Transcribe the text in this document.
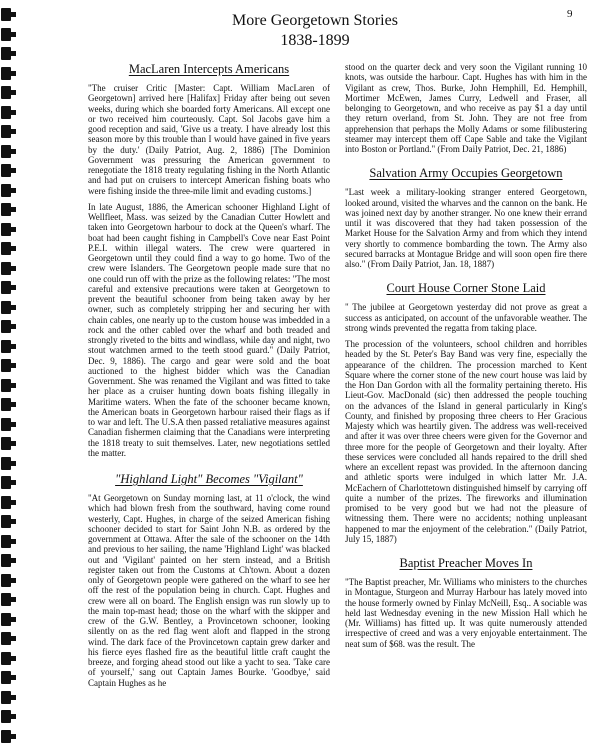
9
More Georgetown Stories
1838-1899
MacLaren Intercepts Americans

"The cruiser Critic [Master: Capt. William MacLaren of Georgetown] arrived here [Halifax] Friday after being out seven weeks, during which she boarded forty Americans. All except one or two received him courteously. Capt. Sol Jacobs gave him a good reception and said, 'Give us a treaty. I have already lost this season more by this trouble than I would have gained in five years by the duty.' (Daily Patriot, Aug. 2, 1886) [The Dominion Government was pressuring the American government to renegotiate the 1818 treaty regulating fishing in the North Atlantic and had put on cruisers to intercept American fishing boats who were fishing inside the three-mile limit and evading customs.]

In late August, 1886, the American schooner Highland Light of Wellfleet, Mass. was seized by the Canadian Cutter Howlett and taken into Georgetown harbour to dock at the Queen's wharf. The boat had been caught fishing in Campbell's Cove near East Point P.E.I. within illegal waters. The crew were quartered in Georgetown until they could find a way to go home. Two of the crew were Islanders. The Georgetown people made sure that no one could run off with the prize as the following relates: "The most careful and extensive precautions were taken at Georgetown to prevent the beautiful schooner from being taken away by her owner, such as completely stripping her and securing her with chain cables, one nearly up to the custom house was imbedded in a rock and the other cabled over the wharf and both treaded and strongly riveted to the bitts and windlass, while day and night, two stout watchmen armed to the teeth stood guard." (Daily Patriot, Dec. 9, 1886). The cargo and gear were sold and the boat auctioned to the highest bidder which was the Canadian Government. She was renamed the Vigilant and was fitted to take her place as a cruiser hunting down boats fishing illegally in Maritime waters. When the fate of the schooner became known, the American boats in Georgetown harbour raised their flags as if to war and left. The U.S.A then passed retaliative measures against Canadian fishermen claiming that the Canadians were interpreting the 1818 treaty to suit themselves. Later, new negotiations settled the matter.

"Highland Light" Becomes "Vigilant"

"At Georgetown on Sunday morning last, at 11 o'clock, the wind which had blown fresh from the southward, having come round westerly, Capt. Hughes, in charge of the seized American fishing schooner decided to start for Saint John N.B. as ordered by the government at Ottawa. After the sale of the schooner on the 14th and previous to her sailing, the name 'Highland Light' was blacked out and 'Vigilant' painted on her stern instead, and a British register taken out from the Customs at Ch'town. About a dozen only of Georgetown people were gathered on the wharf to see her off the rest of the population being in church. Capt. Hughes and crew were all on board. The English ensign was run slowly up to the main top-mast head; those on the wharf with the skipper and crew of the G.W. Bentley, a Provincetown schooner, looking silently on as the red flag went aloft and flapped in the strong wind. The dark face of the Provincetown captain grew darker and his fierce eyes flashed fire as the beautiful little craft caught the breeze, and forging ahead stood out like a yacht to sea. 'Take care of yourself,' sang out Captain James Bourke. 'Goodbye,' said Captain Hughes as he

stood on the quarter deck and very soon the Vigilant running 10 knots, was outside the harbour. Capt. Hughes has with him in the Vigilant as crew, Thos. Burke, John Hemphill, Ed. Hemphill, Mortimer McEwen, James Curry, Ledwell and Fraser, all belonging to Georgetown, and who receive as pay $1 a day until they return overland, from St. John. They are not free from apprehension that perhaps the Molly Adams or some filibustering steamer may intercept them off Cape Sable and take the Vigilant into Boston or Portland." (From Daily Patriot, Dec. 21, 1886)

Salvation Army Occupies Georgetown

"Last week a military-looking stranger entered Georgetown, looked around, visited the wharves and the cannon on the bank. He was joined next day by another stranger. No one knew their errand until it was discovered that they had taken possession of the Market House for the Salvation Army and from which they intend very shortly to commence bombarding the town. The Army also secured barracks at Montague Bridge and will soon open fire there also." (From Daily Patriot, Jan. 18, 1887)

Court House Corner Stone Laid

" The jubilee at Georgetown yesterday did not prove as great a success as anticipated, on account of the unfavorable weather. The strong winds prevented the regatta from taking place.

The procession of the volunteers, school children and horribles headed by the St. Peter's Bay Band was very fine, especially the appearance of the children. The procession marched to Kent Square where the corner stone of the new court house was laid by the Hon Dan Gordon with all the formality pertaining thereto. His Lieut-Gov. MacDonald (sic) then addressed the people touching on the advances of the Island in general particularly in King's County, and finished by proposing three cheers to Her Gracious Majesty which was heartily given. The address was well-received and after it was over three cheers were given for the Governor and three more for the people of Georgetown and their loyalty. After these services were concluded all hands repaired to the drill shed where an excellent repast was provided. In the afternoon dancing and athletic sports were indulged in which latter Mr. J.A. McEachern of Charlottetown distinguished himself by carrying off quite a number of the prizes. The fireworks and illumination promised to be very good but we had not the pleasure of witnessing them. There were no accidents; nothing unpleasant happened to mar the enjoyment of the celebration." (Daily Patriot, July 15, 1887)

Baptist Preacher Moves In

"The Baptist preacher, Mr. Williams who ministers to the churches in Montague, Sturgeon and Murray Harbour has lately moved into the house formerly owned by Finlay McNeill, Esq.. A sociable was held last Wednesday evening in the new Mission Hall which he (Mr. Williams) has fitted up. It was quite numerously attended irrespective of creed and was a very enjoyable entertainment. The neat sum of $68. was the result. The
